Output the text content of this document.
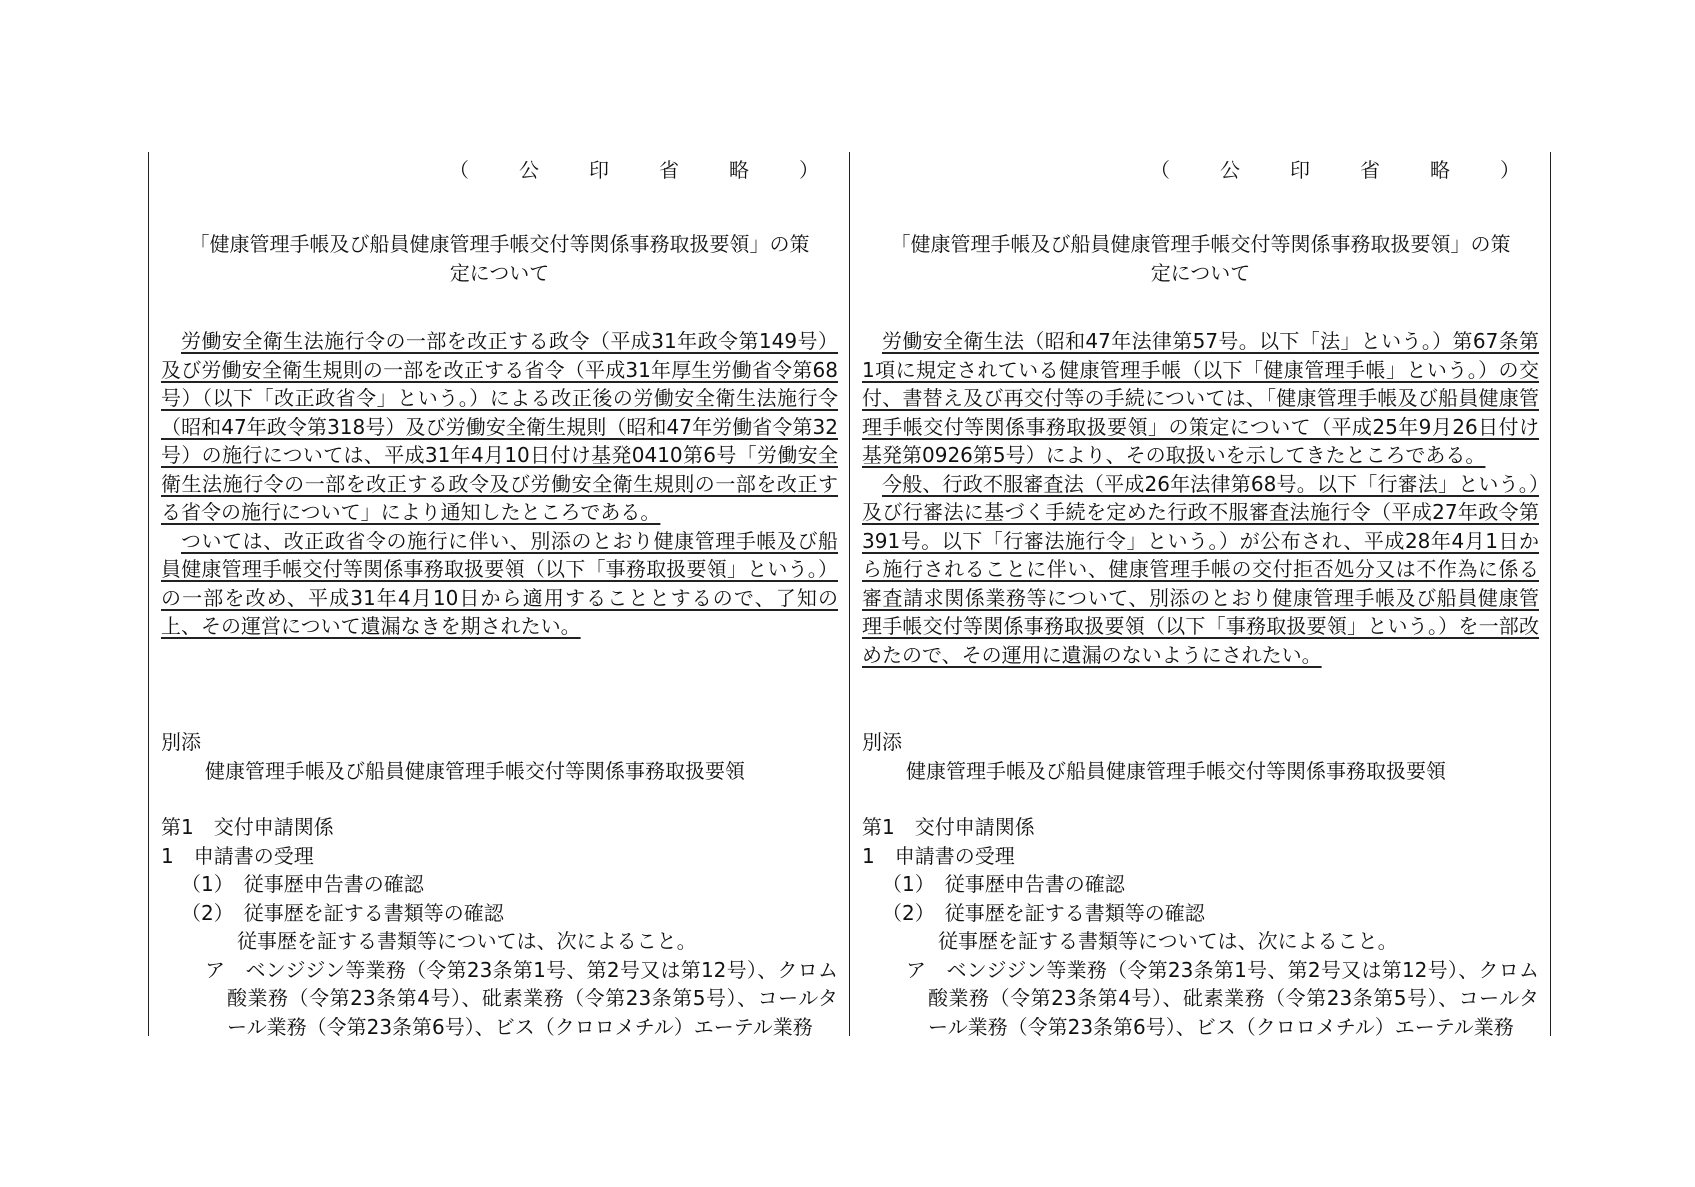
（　公　印　省　略　）
「健康管理手帳及び船員健康管理手帳交付等関係事務取扱要領」の策
定について

労働安全衛生法施行令の一部を改正する政令（平成31年政令第149号）及び労働安全衛生規則の一部を改正する省令（平成31年厚生労働省令第68号）（以下「改正政省令」という。）による改正後の労働安全衛生法施行令（昭和47年政令第318号）及び労働安全衛生規則（昭和47年労働省令第32号）の施行については、平成31年4月10日付け基発0410第6号「労働安全衛生法施行令の一部を改正する政令及び労働安全衛生規則の一部を改正する省令の施行について」により通知したところである。

ついては、改正政省令の施行に伴い、別添のとおり健康管理手帳及び船員健康管理手帳交付等関係事務取扱要領（以下「事務取扱要領」という。）の一部を改め、平成31年4月10日から適用することとするので、了知の上、その運営について遺漏なきを期されたい。

別添
健康管理手帳及び船員健康管理手帳交付等関係事務取扱要領
第1　交付申請関係
1　申請書の受理
（1）　従事歴申告書の確認
（2）　従事歴を証する書類等の確認
従事歴を証する書類等については、次によること。
ア　ベンジジン等業務（令第23条第1号、第2号又は第12号）、クロム酸業務（令第23条第4号）、砒素業務（令第23条第5号）、コールタール業務（令第23条第6号）、ビス（クロロメチル）エーテル業務
（　公　印　省　略　）
「健康管理手帳及び船員健康管理手帳交付等関係事務取扱要領」の策
定について

労働安全衛生法（昭和47年法律第57号。以下「法」という。）第67条第1項に規定されている健康管理手帳（以下「健康管理手帳」という。）の交付、書替え及び再交付等の手続については、「健康管理手帳及び船員健康管理手帳交付等関係事務取扱要領」の策定について（平成25年9月26日付け基発第0926第5号）により、その取扱いを示してきたところである。

今般、行政不服審査法（平成26年法律第68号。以下「行審法」という。）及び行審法に基づく手続を定めた行政不服審査法施行令（平成27年政令第391号。以下「行審法施行令」という。）が公布され、平成28年4月1日から施行されることに伴い、健康管理手帳の交付拒否処分又は不作為に係る審査請求関係業務等について、別添のとおり健康管理手帳及び船員健康管理手帳交付等関係事務取扱要領（以下「事務取扱要領」という。）を一部改めたので、その運用に遺漏のないようにされたい。

別添
健康管理手帳及び船員健康管理手帳交付等関係事務取扱要領
第1　交付申請関係
1　申請書の受理
（1）　従事歴申告書の確認
（2）　従事歴を証する書類等の確認
従事歴を証する書類等については、次によること。
ア　ベンジジン等業務（令第23条第1号、第2号又は第12号）、クロム酸業務（令第23条第4号）、砒素業務（令第23条第5号）、コールタール業務（令第23条第6号）、ビス（クロロメチル）エーテル業務
